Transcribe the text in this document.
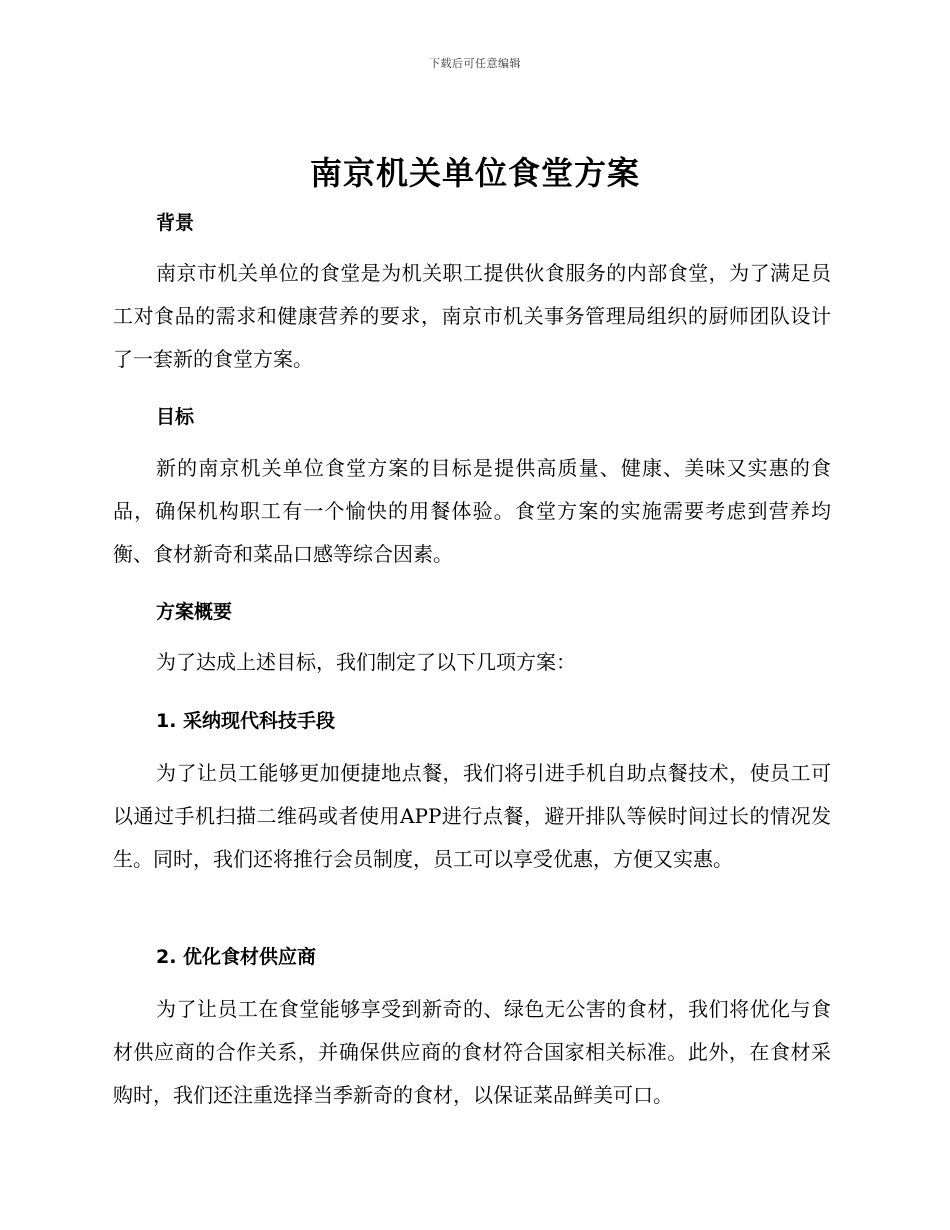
下载后可任意编辑
南京机关单位食堂方案
背景

南京市机关单位的食堂是为机关职工提供伙食服务的内部食堂，为了满足员工对食品的需求和健康营养的要求，南京市机关事务管理局组织的厨师团队设计了一套新的食堂方案。

目标

新的南京机关单位食堂方案的目标是提供高质量、健康、美味又实惠的食品，确保机构职工有一个愉快的用餐体验。食堂方案的实施需要考虑到营养均衡、食材新奇和菜品口感等综合因素。

方案概要

为了达成上述目标，我们制定了以下几项方案：

1. 采纳现代科技手段

为了让员工能够更加便捷地点餐，我们将引进手机自助点餐技术，使员工可以通过手机扫描二维码或者使用APP进行点餐，避开排队等候时间过长的情况发生。同时，我们还将推行会员制度，员工可以享受优惠，方便又实惠。

2. 优化食材供应商

为了让员工在食堂能够享受到新奇的、绿色无公害的食材，我们将优化与食材供应商的合作关系，并确保供应商的食材符合国家相关标准。此外，在食材采购时，我们还注重选择当季新奇的食材，以保证菜品鲜美可口。
